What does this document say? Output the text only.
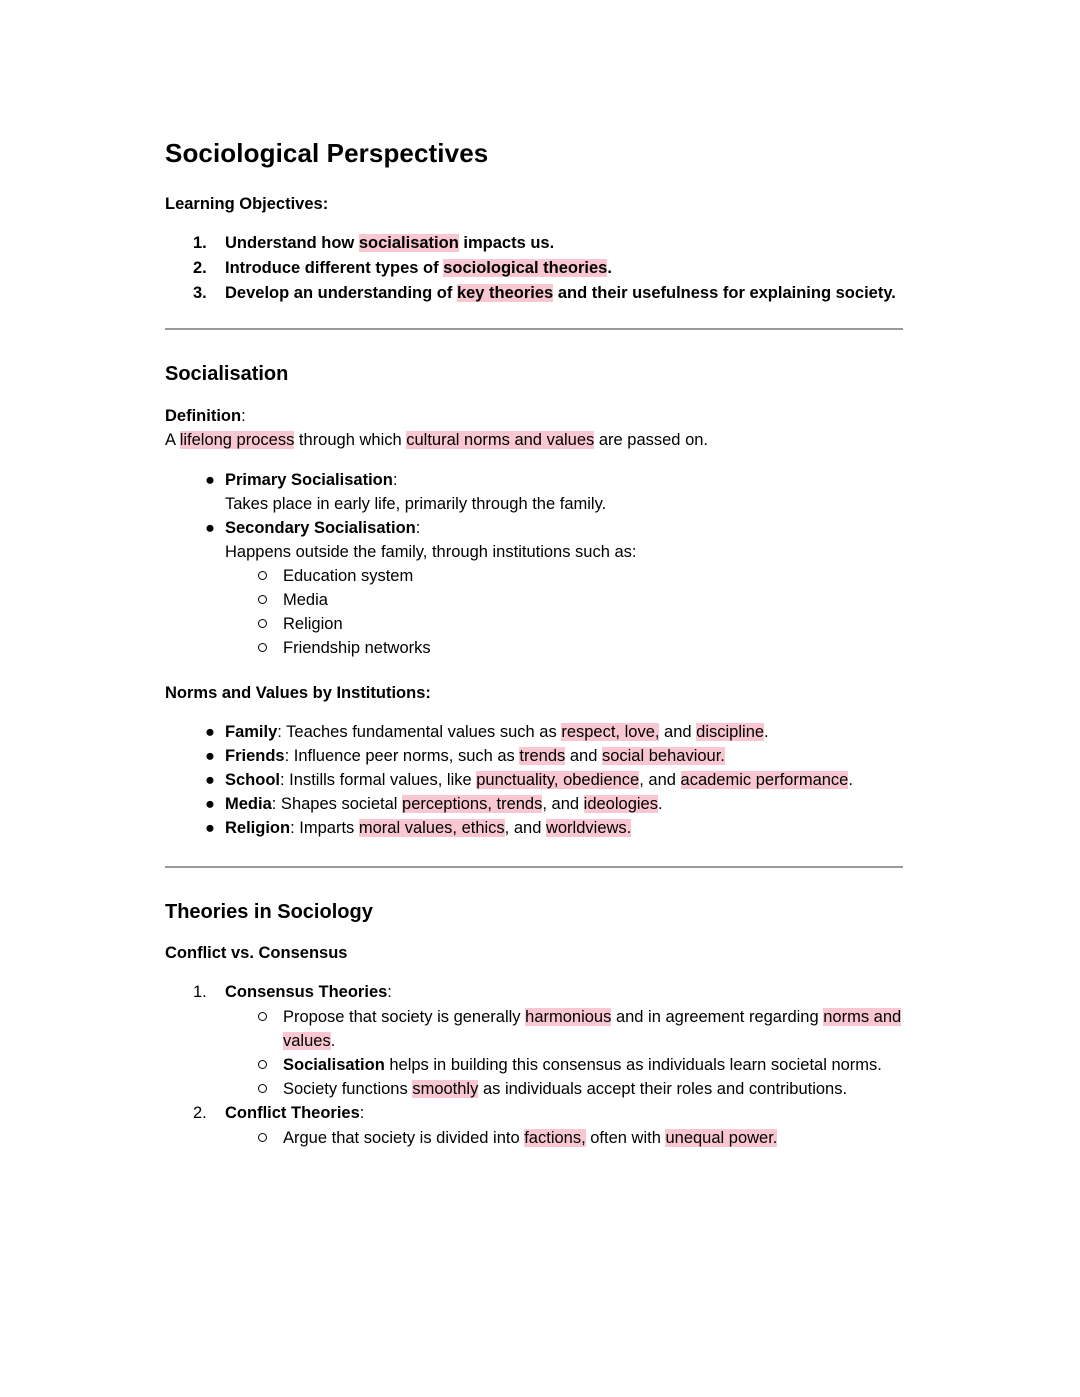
Sociological Perspectives
Learning Objectives:
1.	Understand how socialisation impacts us.
2.	Introduce different types of sociological theories.
3.	Develop an understanding of key theories and their usefulness for explaining society.
Socialisation
Definition:
A lifelong process through which cultural norms and values are passed on.
● Primary Socialisation:
Takes place in early life, primarily through the family.
● Secondary Socialisation:
Happens outside the family, through institutions such as:
Education system
Media
Religion
Friendship networks
Norms and Values by Institutions:
● Family: Teaches fundamental values such as respect, love, and discipline.
● Friends: Influence peer norms, such as trends and social behaviour.
● School: Instills formal values, like punctuality, obedience, and academic performance.
● Media: Shapes societal perceptions, trends, and ideologies.
● Religion: Imparts moral values, ethics, and worldviews.
Theories in Sociology
Conflict vs. Consensus
1.	Consensus Theories:
Propose that society is generally harmonious and in agreement regarding norms and values.
Socialisation helps in building this consensus as individuals learn societal norms.
Society functions smoothly as individuals accept their roles and contributions.
2.	Conflict Theories:
Argue that society is divided into factions, often with unequal power.
